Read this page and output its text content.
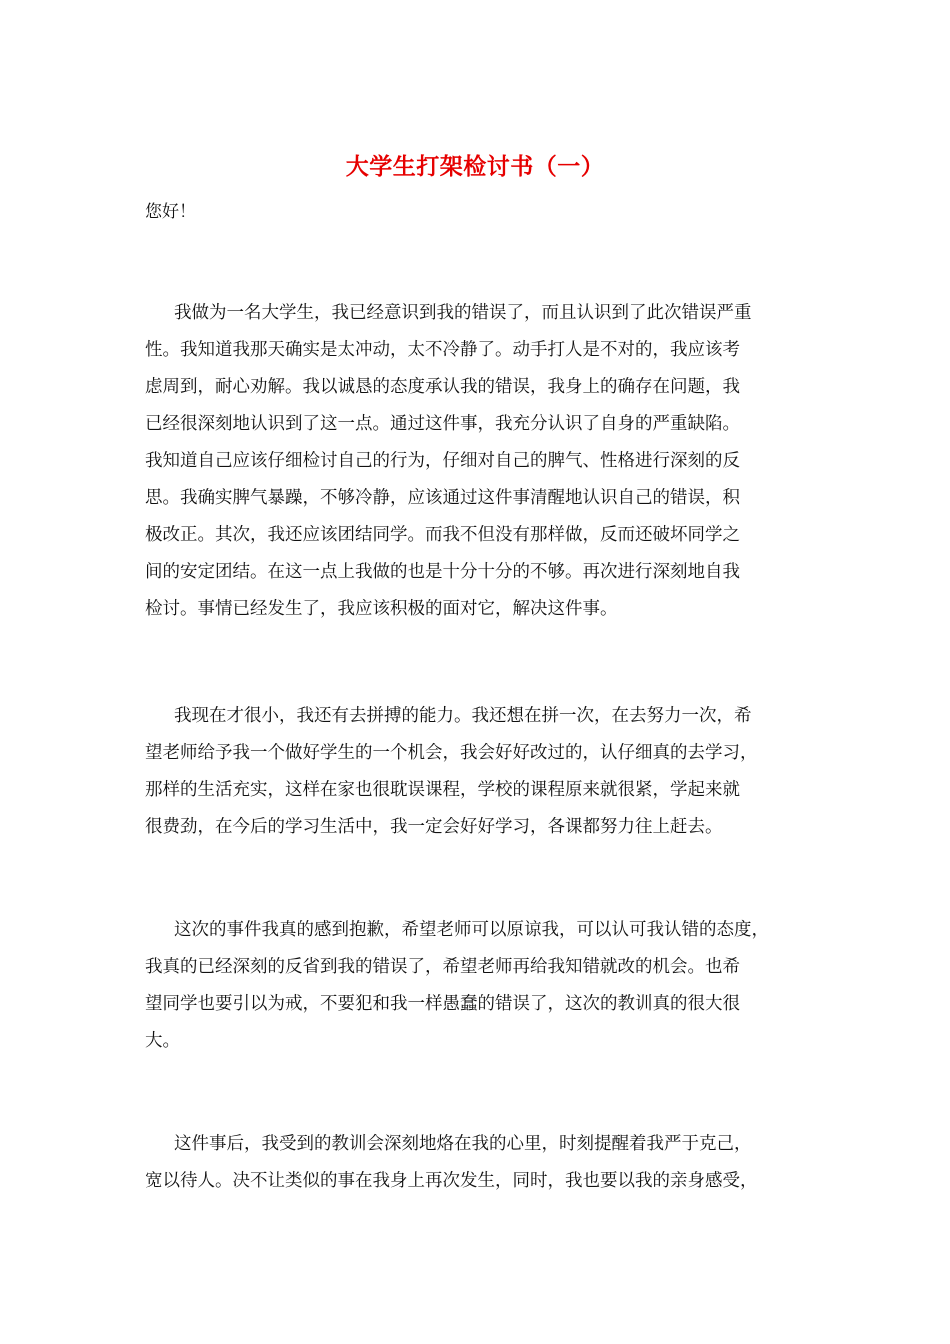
大学生打架检讨书（一）
您好！
我做为一名大学生，我已经意识到我的错误了，而且认识到了此次错误严重
性。我知道我那天确实是太冲动，太不冷静了。动手打人是不对的，我应该考
虑周到，耐心劝解。我以诚恳的态度承认我的错误，我身上的确存在问题，我
已经很深刻地认识到了这一点。通过这件事，我充分认识了自身的严重缺陷。
我知道自己应该仔细检讨自己的行为，仔细对自己的脾气、性格进行深刻的反
思。我确实脾气暴躁，不够冷静，应该通过这件事清醒地认识自己的错误，积
极改正。其次，我还应该团结同学。而我不但没有那样做，反而还破坏同学之
间的安定团结。在这一点上我做的也是十分十分的不够。再次进行深刻地自我
检讨。事情已经发生了，我应该积极的面对它，解决这件事。
我现在才很小，我还有去拼搏的能力。我还想在拼一次，在去努力一次，希
望老师给予我一个做好学生的一个机会，我会好好改过的，认仔细真的去学习，
那样的生活充实，这样在家也很耽误课程，学校的课程原来就很紧，学起来就
很费劲，在今后的学习生活中，我一定会好好学习，各课都努力往上赶去。
这次的事件我真的感到抱歉，希望老师可以原谅我，可以认可我认错的态度，
我真的已经深刻的反省到我的错误了，希望老师再给我知错就改的机会。也希
望同学也要引以为戒，不要犯和我一样愚蠢的错误了，这次的教训真的很大很
大。
这件事后，我受到的教训会深刻地烙在我的心里，时刻提醒着我严于克己，
宽以待人。决不让类似的事在我身上再次发生，同时，我也要以我的亲身感受，
